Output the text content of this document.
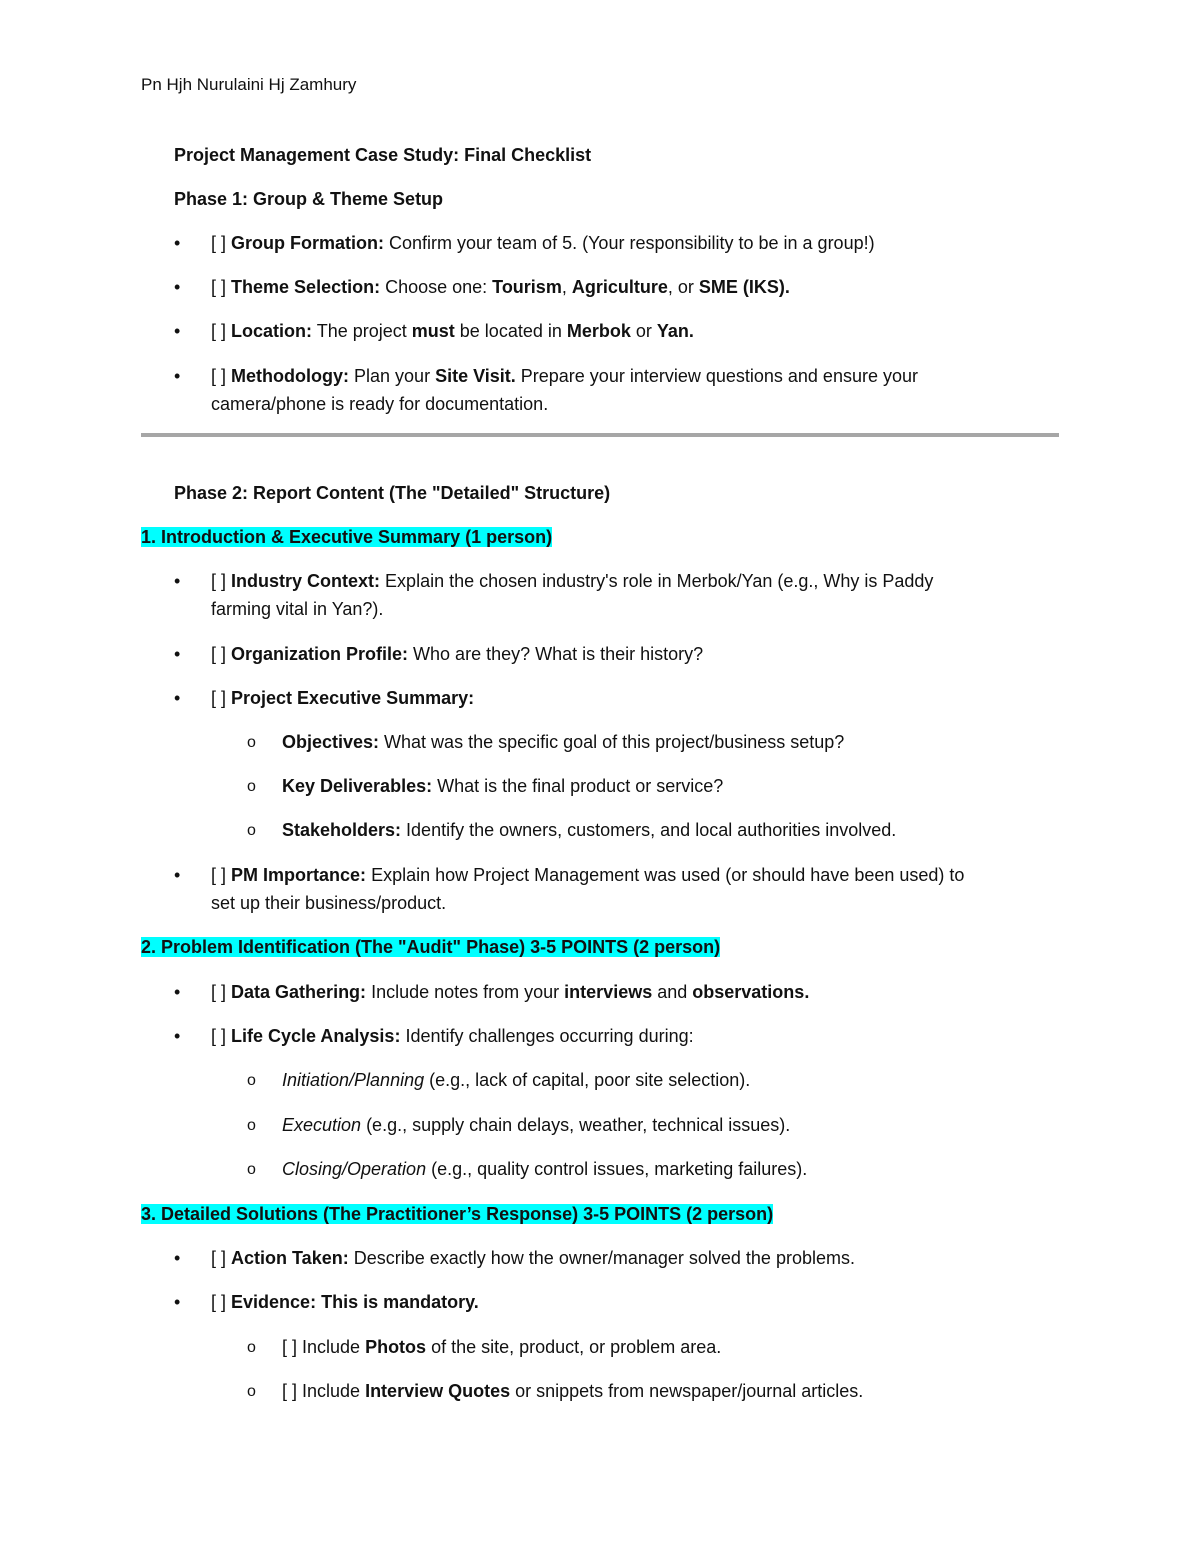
Pn Hjh Nurulaini Hj Zamhury
Project Management Case Study: Final Checklist
Phase 1: Group & Theme Setup
• [ ] Group Formation: Confirm your team of 5. (Your responsibility to be in a group!)
• [ ] Theme Selection: Choose one: Tourism, Agriculture, or SME (IKS).
• [ ] Location: The project must be located in Merbok or Yan.
• [ ] Methodology: Plan your Site Visit. Prepare your interview questions and ensure your
camera/phone is ready for documentation.
Phase 2: Report Content (The "Detailed" Structure)
1. Introduction & Executive Summary (1 person)
• [ ] Industry Context: Explain the chosen industry's role in Merbok/Yan (e.g., Why is Paddy
farming vital in Yan?).
• [ ] Organization Profile: Who are they? What is their history?
• [ ] Project Executive Summary:
o Objectives: What was the specific goal of this project/business setup?
o Key Deliverables: What is the final product or service?
o Stakeholders: Identify the owners, customers, and local authorities involved.
• [ ] PM Importance: Explain how Project Management was used (or should have been used) to
set up their business/product.
2. Problem Identification (The "Audit" Phase) 3-5 POINTS (2 person)
• [ ] Data Gathering: Include notes from your interviews and observations.
• [ ] Life Cycle Analysis: Identify challenges occurring during:
o Initiation/Planning (e.g., lack of capital, poor site selection).
o Execution (e.g., supply chain delays, weather, technical issues).
o Closing/Operation (e.g., quality control issues, marketing failures).
3. Detailed Solutions (The Practitioner’s Response) 3-5 POINTS (2 person)
• [ ] Action Taken: Describe exactly how the owner/manager solved the problems.
• [ ] Evidence: This is mandatory.
o [ ] Include Photos of the site, product, or problem area.
o [ ] Include Interview Quotes or snippets from newspaper/journal articles.
